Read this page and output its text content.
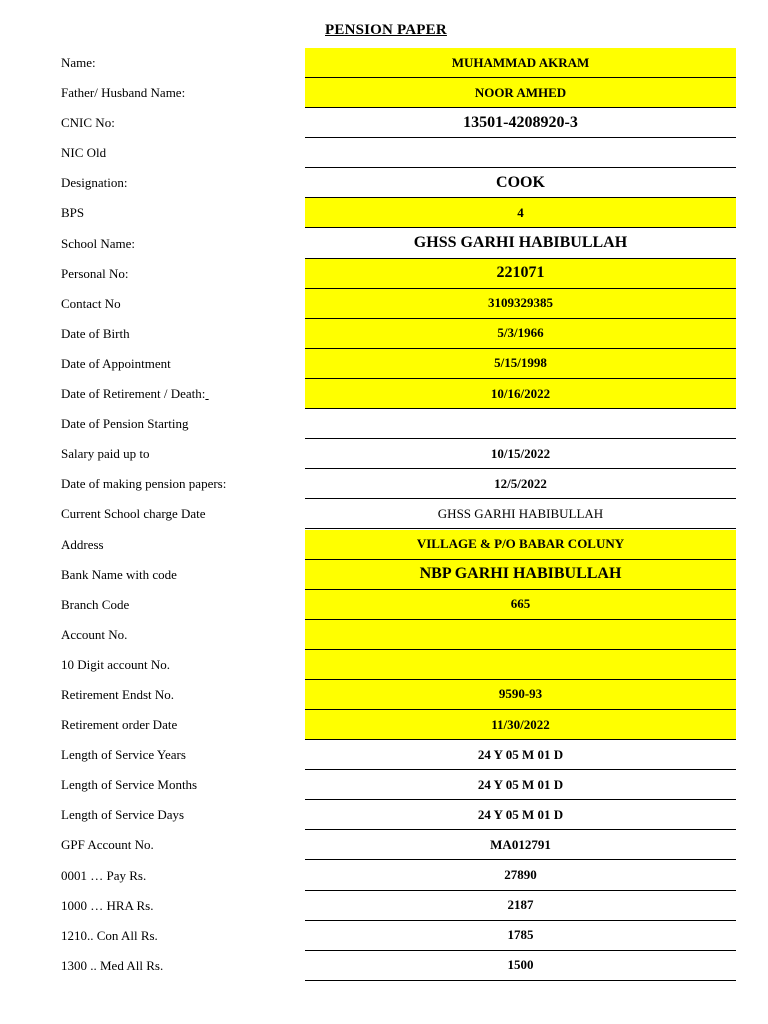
PENSION PAPER
Name:	MUHAMMAD AKRAM
Father/ Husband Name:	NOOR AMHED
CNIC No:	13501-4208920-3
NIC Old
Designation:	COOK
BPS	4
School Name:	GHSS GARHI HABIBULLAH
Personal No:	221071
Contact No	3109329385
Date of Birth	5/3/1966
Date of Appointment	5/15/1998
Date of Retirement / Death:	10/16/2022
Date of Pension Starting
Salary paid up to	10/15/2022
Date of making pension papers:	12/5/2022
Current School charge Date	GHSS GARHI HABIBULLAH
Address	VILLAGE & P/O BABAR COLUNY
Bank Name with code	NBP GARHI HABIBULLAH
Branch Code	665
Account No.
10 Digit account No.
Retirement Endst No.	9590-93
Retirement order Date	11/30/2022
Length of Service Years	24 Y 05 M 01 D
Length of Service Months	24 Y 05 M 01 D
Length of Service Days	24 Y 05 M 01 D
GPF Account No.	MA012791
0001 … Pay Rs.	27890
1000 … HRA Rs.	2187
1210.. Con All Rs.	1785
1300 .. Med All Rs.	1500
